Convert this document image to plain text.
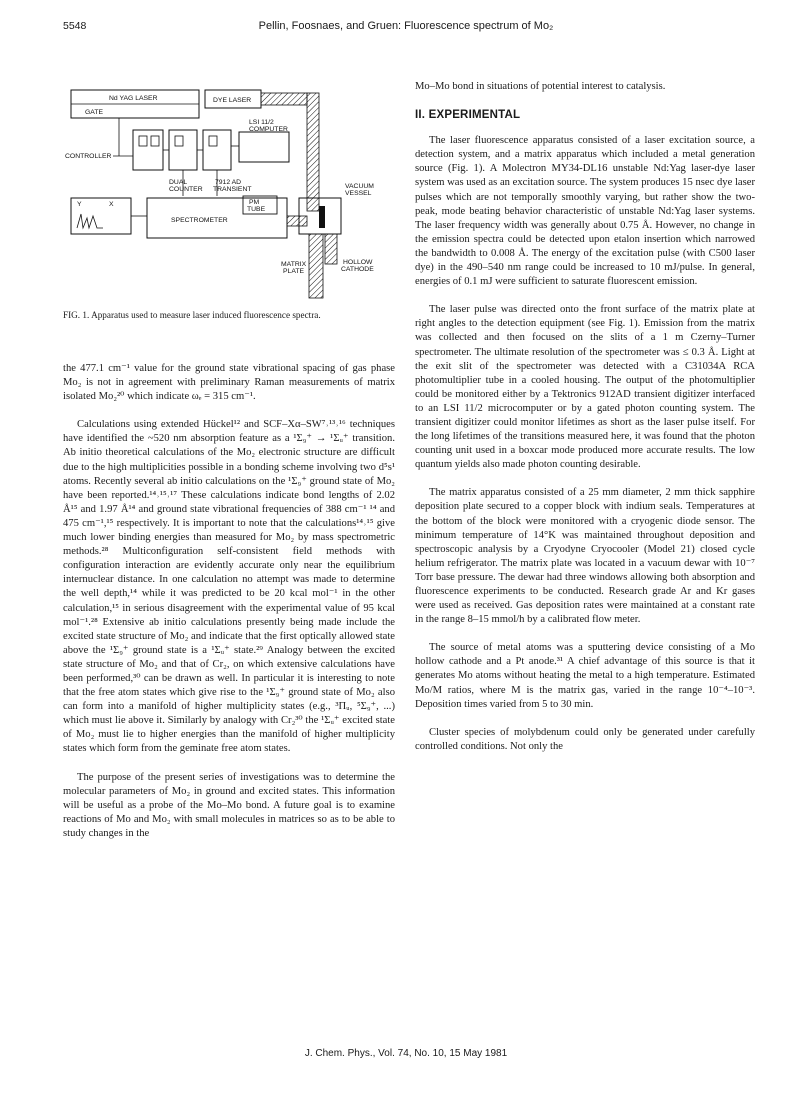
5548	Pellin, Foosnaes, and Gruen: Fluorescence spectrum of Mo₂
Nd YAG LASER
GATE
DYE LASER
LSI 11/2
COMPUTER
CONTROLLER
DUAL
COUNTER
7912 AD
TRANSIENT
Y	X
SPECTROMETER
PM
TUBE
VACUUM
VESSEL
MATRIX
PLATE
HOLLOW
CATHODE
FIG. 1. Apparatus used to measure laser induced fluorescence spectra.

the 477.1 cm⁻¹ value for the ground state vibrational spacing of gas phase Mo₂ is not in agreement with preliminary Raman measurements of matrix isolated Mo₂²⁰ which indicate ωₑ = 315 cm⁻¹.

Calculations using extended Hückel¹² and SCF–Xα–SW⁷˒¹³˒¹⁶ techniques have identified the ~520 nm absorption feature as a ¹Σ₉⁺ → ¹Σᵤ⁺ transition. Ab initio theoretical calculations of the Mo₂ electronic structure are difficult due to the high multiplicities possible in a bonding scheme involving two d⁵s¹ atoms. Recently several ab initio calculations on the ¹Σ₉⁺ ground state of Mo₂ have been reported.¹⁴˒¹⁵˒¹⁷ These calculations indicate bond lengths of 2.02 Å¹⁵ and 1.97 Å¹⁴ and ground state vibrational frequencies of 388 cm⁻¹ ¹⁴ and 475 cm⁻¹,¹⁵ respectively. It is important to note that the calculations¹⁴˒¹⁵ give much lower binding energies than measured for Mo₂ by mass spectrometric methods.²⁸ Multiconfiguration self-consistent field methods with configuration interaction are evidently accurate only near the equilibrium internuclear distance. In one calculation no attempt was made to determine the well depth,¹⁴ while it was predicted to be 20 kcal mol⁻¹ in the other calculation,¹⁵ in serious disagreement with the experimental value of 95 kcal mol⁻¹.²⁸ Extensive ab initio calculations presently being made include the excited state structure of Mo₂ and indicate that the first optically allowed state above the ¹Σ₉⁺ ground state is a ¹Σᵤ⁺ state.²⁹ Analogy between the excited state structure of Mo₂ and that of Cr₂, on which extensive calculations have been performed,³⁰ can be drawn as well. In particular it is interesting to note that the free atom states which give rise to the ¹Σ₉⁺ ground state of Mo₂ also can form into a manifold of higher multiplicity states (e.g., ³Πᵤ, ⁵Σ₉⁺, ...) which must lie above it. Similarly by analogy with Cr₂³⁰ the ¹Σᵤ⁺ excited state of Mo₂ must lie to higher energies than the manifold of higher multiplicity states which form from the geminate free atom states.

The purpose of the present series of investigations was to determine the molecular parameters of Mo₂ in ground and excited states. This information will be useful as a probe of the Mo–Mo bond. A future goal is to examine reactions of Mo and Mo₂ with small molecules in matrices so as to be able to study changes in the

Mo–Mo bond in situations of potential interest to catalysis.

II. EXPERIMENTAL

The laser fluorescence apparatus consisted of a laser excitation source, a detection system, and a matrix apparatus which included a metal generation source (Fig. 1). A Molectron MY34-DL16 unstable Nd:Yag laser-dye laser system was used as an excitation source. The system produces 15 nsec dye laser pulses which are not temporally smoothly varying, but rather show the two-peak, mode beating behavior characteristic of unstable Nd:Yag laser systems. The laser frequency width was generally about 0.75 Å. However, no change in the emission spectra could be detected upon etalon insertion which narrowed the bandwidth to 0.008 Å. The energy of the excitation pulse (with C500 laser dye) in the 490–540 nm range could be increased to 10 mJ/pulse. In general, energies of 0.1 mJ were sufficient to saturate fluorescent emission.

The laser pulse was directed onto the front surface of the matrix plate at right angles to the detection equipment (see Fig. 1). Emission from the matrix was collected and then focused on the slits of a 1 m Czerny–Turner spectrometer. The ultimate resolution of the spectrometer was ≤ 0.3 Å. Light at the exit slit of the spectrometer was detected with a C31034A RCA photomultiplier tube in a cooled housing. The output of the photomultiplier could be monitored either by a Tektronics 912AD transient digitizer interfaced to an LSI 11/2 microcomputer or by a gated photon counting system. The transient digitizer could monitor lifetimes as short as the laser pulse itself. For the long lifetimes of the transitions measured here, it was found that the photon counting unit used in a boxcar mode produced more accurate results. The low quantum yields also made photon counting desirable.

The matrix apparatus consisted of a 25 mm diameter, 2 mm thick sapphire deposition plate secured to a copper block with indium seals. Temperatures at the bottom of the block were monitored with a cryogenic diode sensor. The minimum temperature of 14°K was maintained throughout deposition and spectroscopic analysis by a Cryodyne Cryocooler (Model 21) closed cycle helium refrigerator. The matrix plate was located in a vacuum dewar with 10⁻⁷ Torr base pressure. The dewar had three windows allowing both absorption and fluorescence experiments to be conducted. Research grade Ar and Kr gases were used as received. Gas deposition rates were maintained at a constant rate in the range 8–15 mmol/h by a calibrated flow meter.

The source of metal atoms was a sputtering device consisting of a Mo hollow cathode and a Pt anode.³¹ A chief advantage of this source is that it generates Mo atoms without heating the metal to a high temperature. Estimated Mo/M ratios, where M is the matrix gas, varied in the range 10⁻⁴–10⁻³. Deposition times varied from 5 to 30 min.

Cluster species of molybdenum could only be generated under carefully controlled conditions. Not only the

J. Chem. Phys., Vol. 74, No. 10, 15 May 1981
